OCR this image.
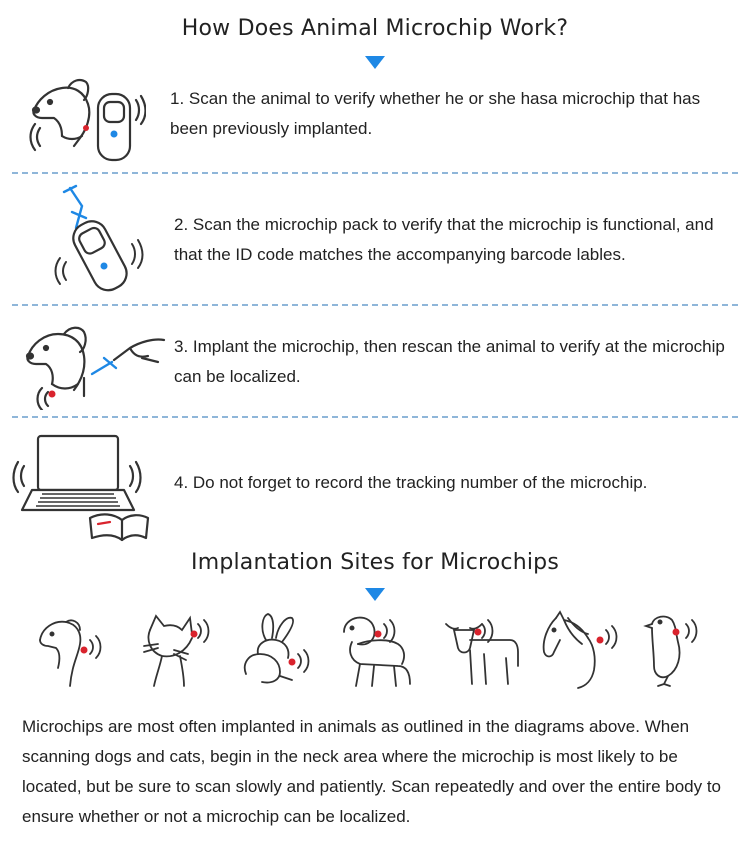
How Does Animal Microchip Work?
1. Scan the animal to verify whether he or she hasa microchip that has been previously implanted.
2. Scan the microchip pack to verify that the microchip is functional, and that the ID code matches the accompanying barcode lables.
3. Implant the microchip, then rescan the animal to verify at the microchip can be localized.
4. Do not forget to record the tracking number of the microchip.
Implantation Sites for Microchips
Microchips are most often implanted in animals as outlined in the diagrams above. When scanning dogs and cats, begin in the neck area where the microchip is most likely to be located, but be sure to scan slowly and patiently. Scan repeatedly and over the entire body to ensure whether or not a microchip can be localized.
